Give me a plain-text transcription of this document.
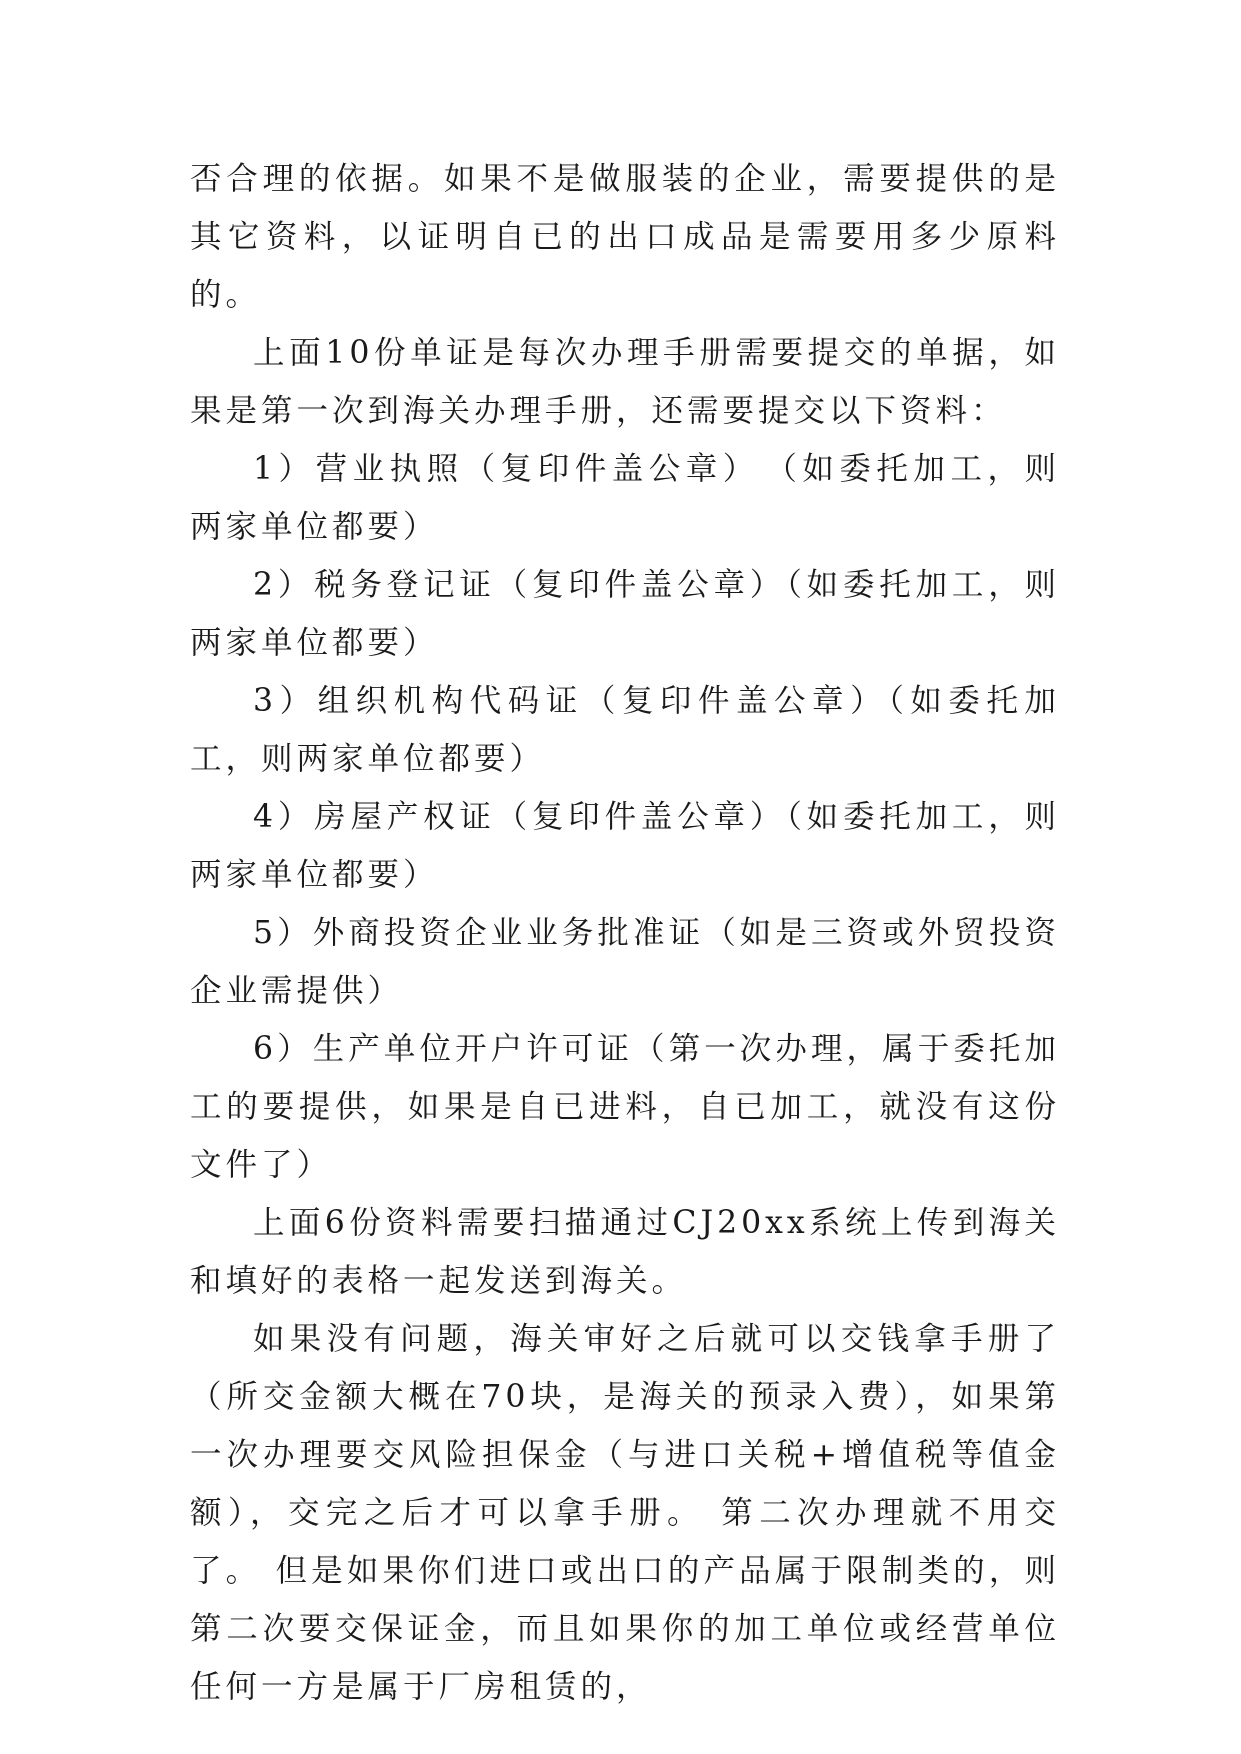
否合理的依据。如果不是做服装的企业，需要提供的是其它资料，以证明自已的出口成品是需要用多少原料的。

上面10份单证是每次办理手册需要提交的单据，如果是第一次到海关办理手册，还需要提交以下资料：

1）营业执照（复印件盖公章）　（如委托加工，则两家单位都要）

2）税务登记证（复印件盖公章）（如委托加工，则两家单位都要）

3）组织机构代码证（复印件盖公章）（如委托加工，则两家单位都要）

4）房屋产权证（复印件盖公章）（如委托加工，则两家单位都要）

5）外商投资企业业务批准证（如是三资或外贸投资企业需提供）

6）生产单位开户许可证（第一次办理，属于委托加工的要提供，如果是自已进料，自已加工，就没有这份文件了）

上面6份资料需要扫描通过CJ20xx系统上传到海关和填好的表格一起发送到海关。

如果没有问题，海关审好之后就可以交钱拿手册了（所交金额大概在70块，是海关的预录入费），如果第一次办理要交风险担保金（与进口关税+增值税等值金额），交完之后才可以拿手册。 第二次办理就不用交了。 但是如果你们进口或出口的产品属于限制类的，则第二次要交保证金，而且如果你的加工单位或经营单位任何一方是属于厂房租赁的，
